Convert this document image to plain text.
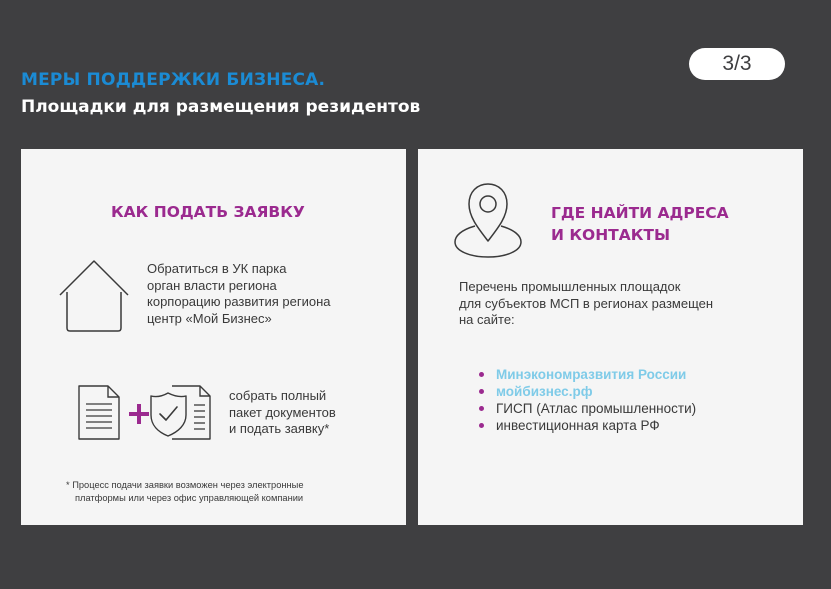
3/3
МЕРЫ ПОДДЕРЖКИ БИЗНЕСА.
Площадки для размещения резидентов
КАК ПОДАТЬ ЗАЯВКУ
Обратиться в УК парка
орган власти региона
корпорацию развития региона
центр «Мой Бизнес»
собрать полный
пакет документов
и подать заявку*
* Процесс подачи заявки возможен через электронные
платформы или через офис управляющей компании
ГДЕ НАЙТИ АДРЕСА
И КОНТАКТЫ
Перечень промышленных площадок
для субъектов МСП в регионах размещен
на сайте:
Минэкономразвития России
мойбизнес.рф
ГИСП (Атлас промышленности)
инвестиционная карта РФ
